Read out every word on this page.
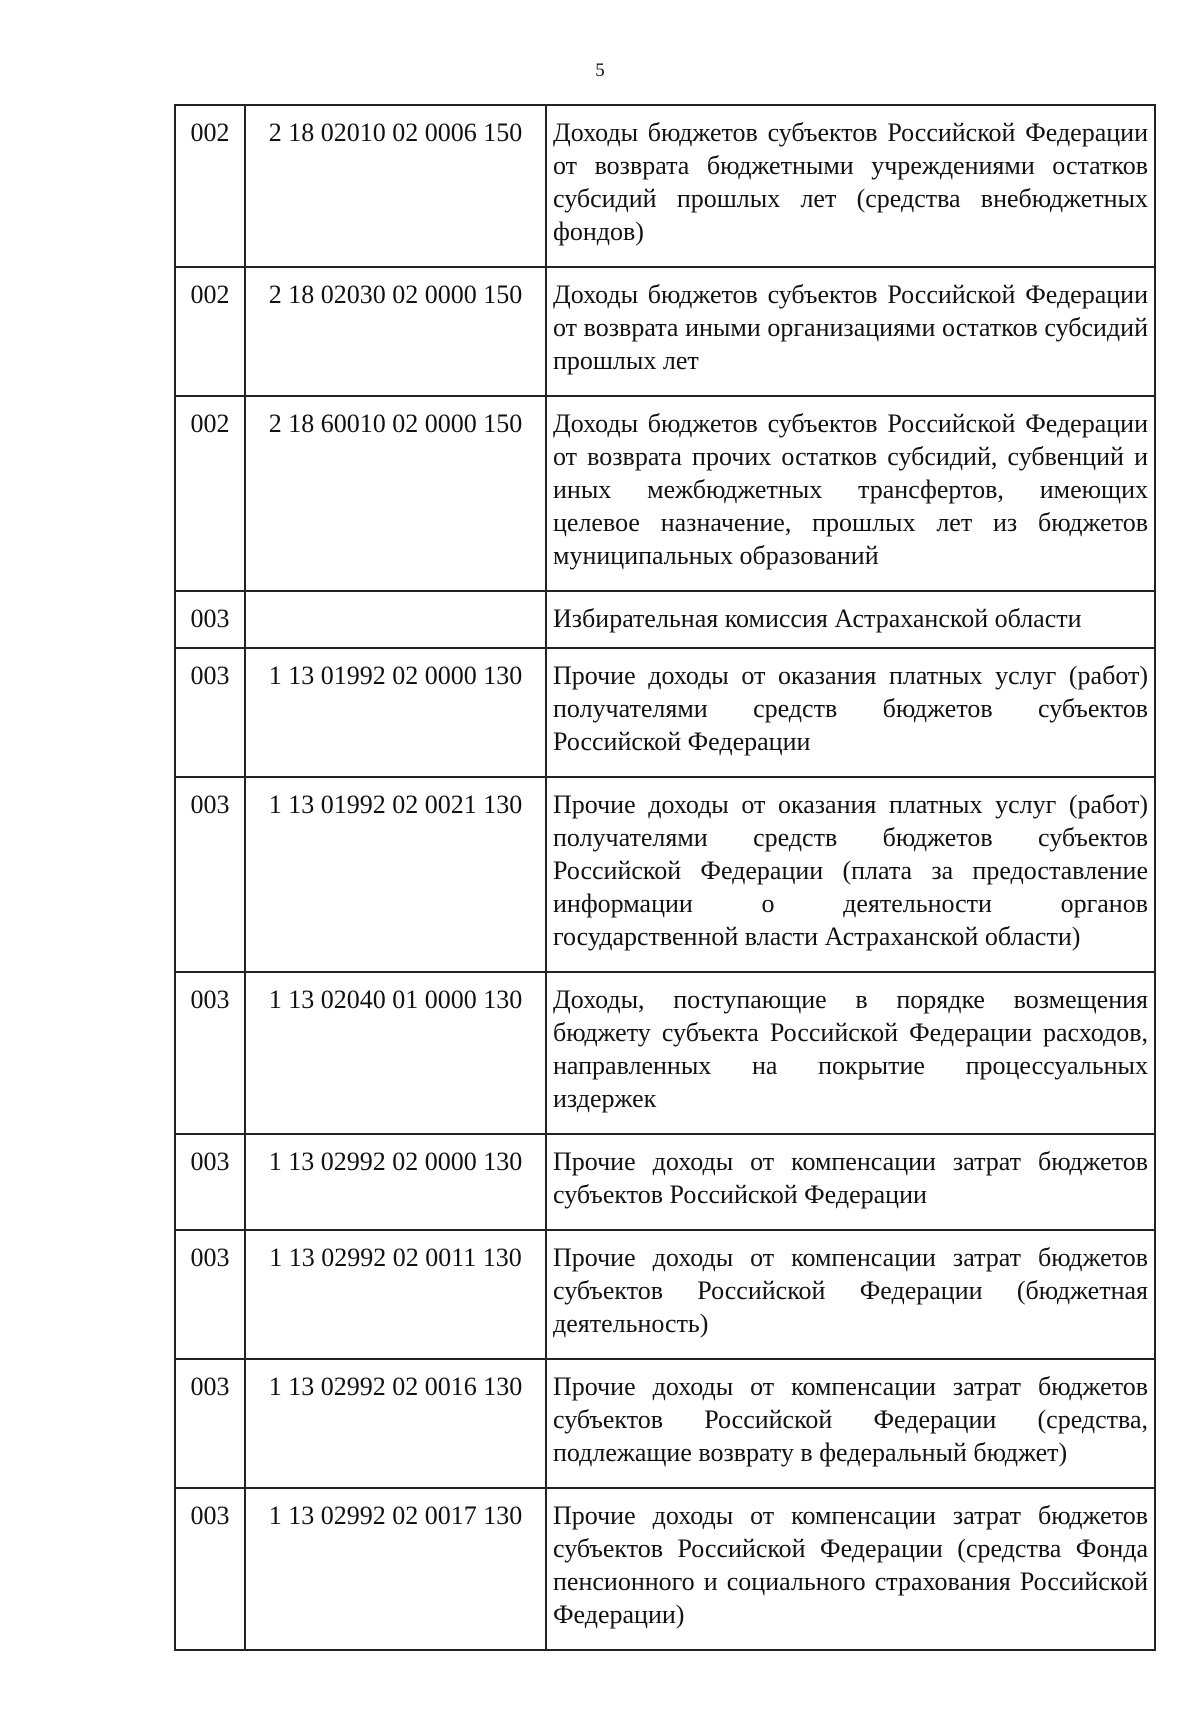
5
002	2 18 02010 02 0006 150	Доходы бюджетов субъектов Российской Федерации от возврата бюджетными учреждениями остатков субсидий прошлых лет (средства внебюджетных фондов)
002	2 18 02030 02 0000 150	Доходы бюджетов субъектов Российской Федерации от возврата иными организациями остатков субсидий прошлых лет
002	2 18 60010 02 0000 150	Доходы бюджетов субъектов Российской Федерации от возврата прочих остатков субсидий, субвенций и иных межбюджетных трансфертов, имеющих целевое назначение, прошлых лет из бюджетов муниципальных образований
003		Избирательная комиссия Астраханской области
003	1 13 01992 02 0000 130	Прочие доходы от оказания платных услуг (работ) получателями средств бюджетов субъектов Российской Федерации
003	1 13 01992 02 0021 130	Прочие доходы от оказания платных услуг (работ) получателями средств бюджетов субъектов Российской Федерации (плата за предоставление информации о деятельности органов государственной власти Астраханской области)
003	1 13 02040 01 0000 130	Доходы, поступающие в порядке возмещения бюджету субъекта Российской Федерации расходов, направленных на покрытие процессуальных издержек
003	1 13 02992 02 0000 130	Прочие доходы от компенсации затрат бюджетов субъектов Российской Федерации
003	1 13 02992 02 0011 130	Прочие доходы от компенсации затрат бюджетов субъектов Российской Федерации (бюджетная деятельность)
003	1 13 02992 02 0016 130	Прочие доходы от компенсации затрат бюджетов субъектов Российской Федерации (средства, подлежащие возврату в федеральный бюджет)
003	1 13 02992 02 0017 130	Прочие доходы от компенсации затрат бюджетов субъектов Российской Федерации (средства Фонда пенсионного и социального страхования Российской Федерации)
